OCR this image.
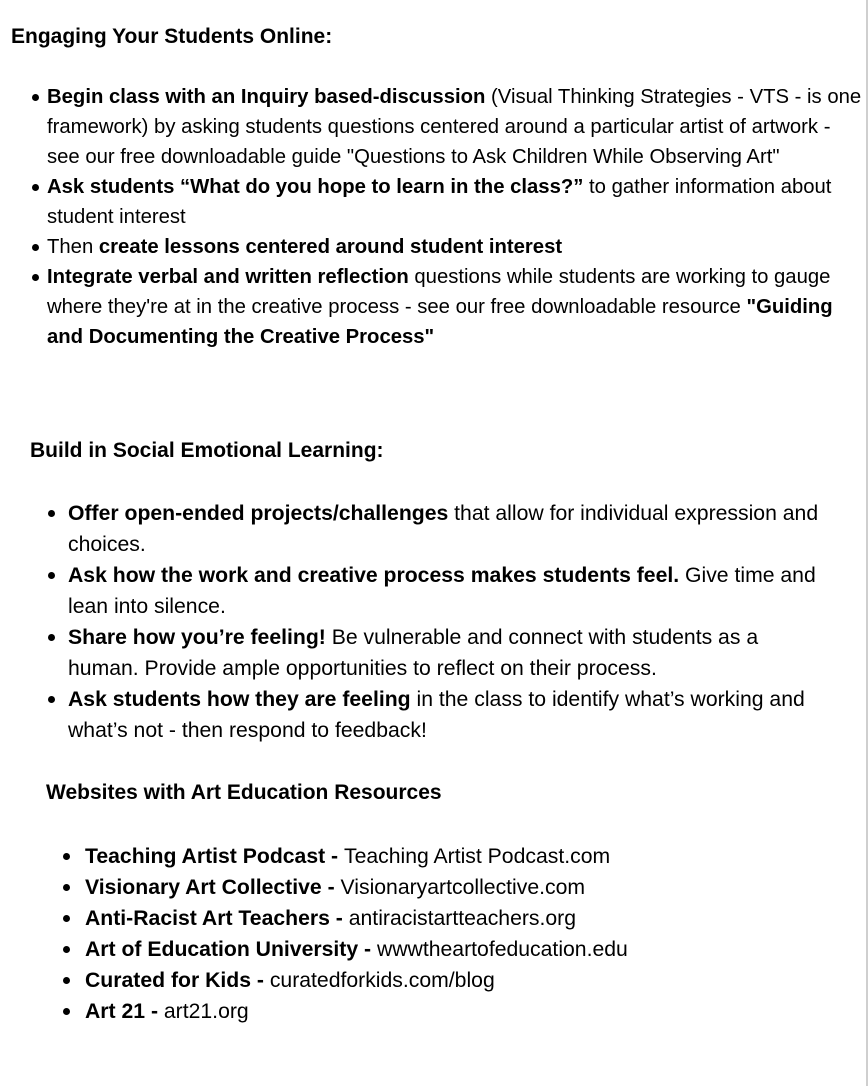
Engaging Your Students Online:
Begin class with an Inquiry based-discussion (Visual Thinking Strategies - VTS - is one framework) by asking students questions centered around a particular artist of artwork - see our free downloadable guide "Questions to Ask Children While Observing Art"
Ask students “What do you hope to learn in the class?” to gather information about student interest
Then create lessons centered around student interest
Integrate verbal and written reflection questions while students are working to gauge where they're at in the creative process - see our free downloadable resource "Guiding and Documenting the Creative Process"
Build in Social Emotional Learning:
Offer open-ended projects/challenges that allow for individual expression and choices.
Ask how the work and creative process makes students feel. Give time and lean into silence.
Share how you’re feeling! Be vulnerable and connect with students as a human. Provide ample opportunities to reflect on their process.
Ask students how they are feeling in the class to identify what’s working and what’s not - then respond to feedback!
Websites with Art Education Resources
Teaching Artist Podcast - Teaching Artist Podcast.com
Visionary Art Collective - Visionaryartcollective.com
Anti-Racist Art Teachers - antiracistartteachers.org
Art of Education University - wwwtheartofeducation.edu
Curated for Kids - curatedforkids.com/blog
Art 21 - art21.org
